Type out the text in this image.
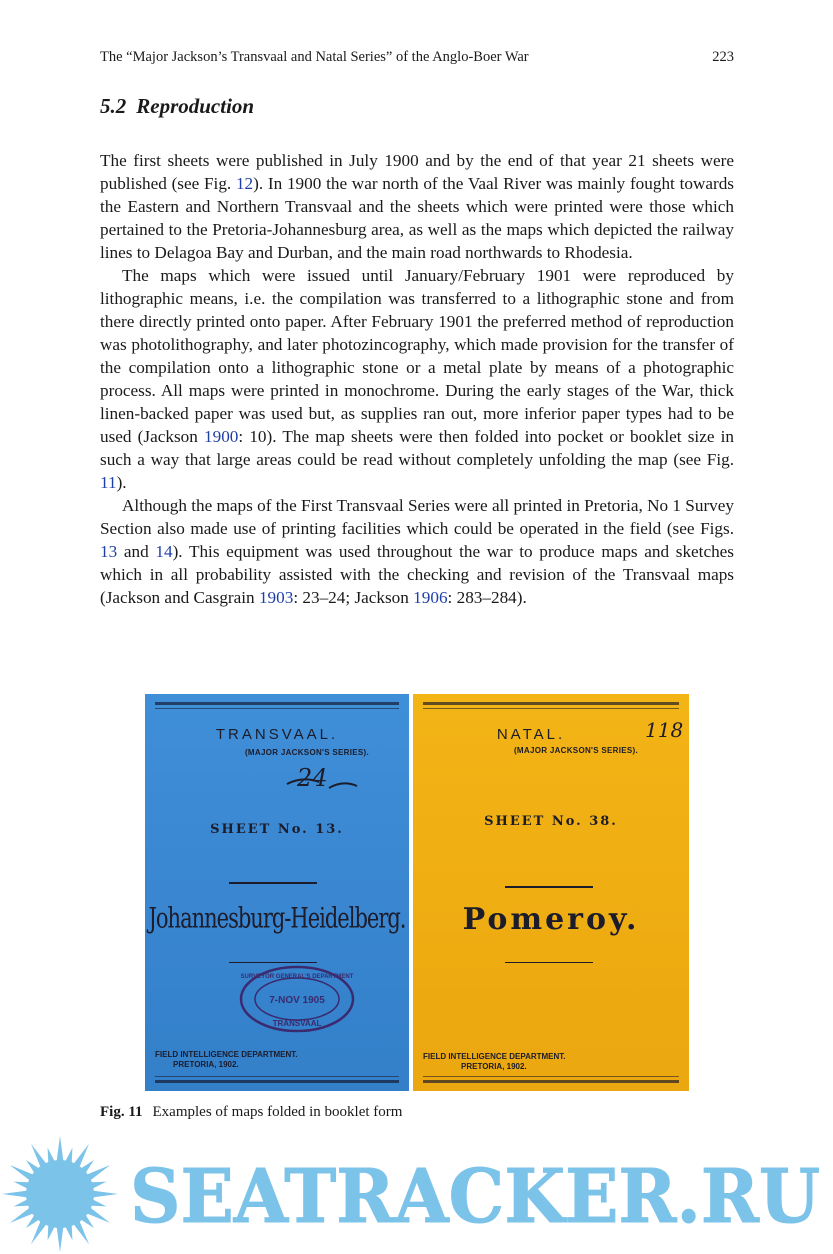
The “Major Jackson’s Transvaal and Natal Series” of the Anglo-Boer War	223
5.2 Reproduction

The first sheets were published in July 1900 and by the end of that year 21 sheets were published (see Fig. 12). In 1900 the war north of the Vaal River was mainly fought towards the Eastern and Northern Transvaal and the sheets which were printed were those which pertained to the Pretoria-Johannesburg area, as well as the maps which depicted the railway lines to Delagoa Bay and Durban, and the main road northwards to Rhodesia.

The maps which were issued until January/February 1901 were reproduced by lithographic means, i.e. the compilation was transferred to a lithographic stone and from there directly printed onto paper. After February 1901 the preferred method of reproduction was photolithography, and later photozincography, which made provision for the transfer of the compilation onto a lithographic stone or a metal plate by means of a photographic process. All maps were printed in monochrome. During the early stages of the War, thick linen-backed paper was used but, as supplies ran out, more inferior paper types had to be used (Jackson 1900: 10). The map sheets were then folded into pocket or booklet size in such a way that large areas could be read without completely unfolding the map (see Fig. 11).

Although the maps of the First Transvaal Series were all printed in Pretoria, No 1 Survey Section also made use of printing facilities which could be operated in the field (see Figs. 13 and 14). This equipment was used throughout the war to produce maps and sketches which in all probability assisted with the checking and revision of the Transvaal maps (Jackson and Casgrain 1903: 23–24; Jackson 1906: 283–284).

TRANSVAAL.
(MAJOR JACKSON'S SERIES).
24
SHEET No. 13.
Johannesburg-Heidelberg.
SURVEYOR GENERAL'S DEPARTMENT
7-NOV 1905
TRANSVAAL
FIELD INTELLIGENCE DEPARTMENT.
PRETORIA, 1902.
NATAL.	118
(MAJOR JACKSON'S SERIES).
SHEET No. 38.
Pomeroy.
FIELD INTELLIGENCE DEPARTMENT.
PRETORIA, 1902.
Fig. 11 Examples of maps folded in booklet form
SEATRACKER.RU
